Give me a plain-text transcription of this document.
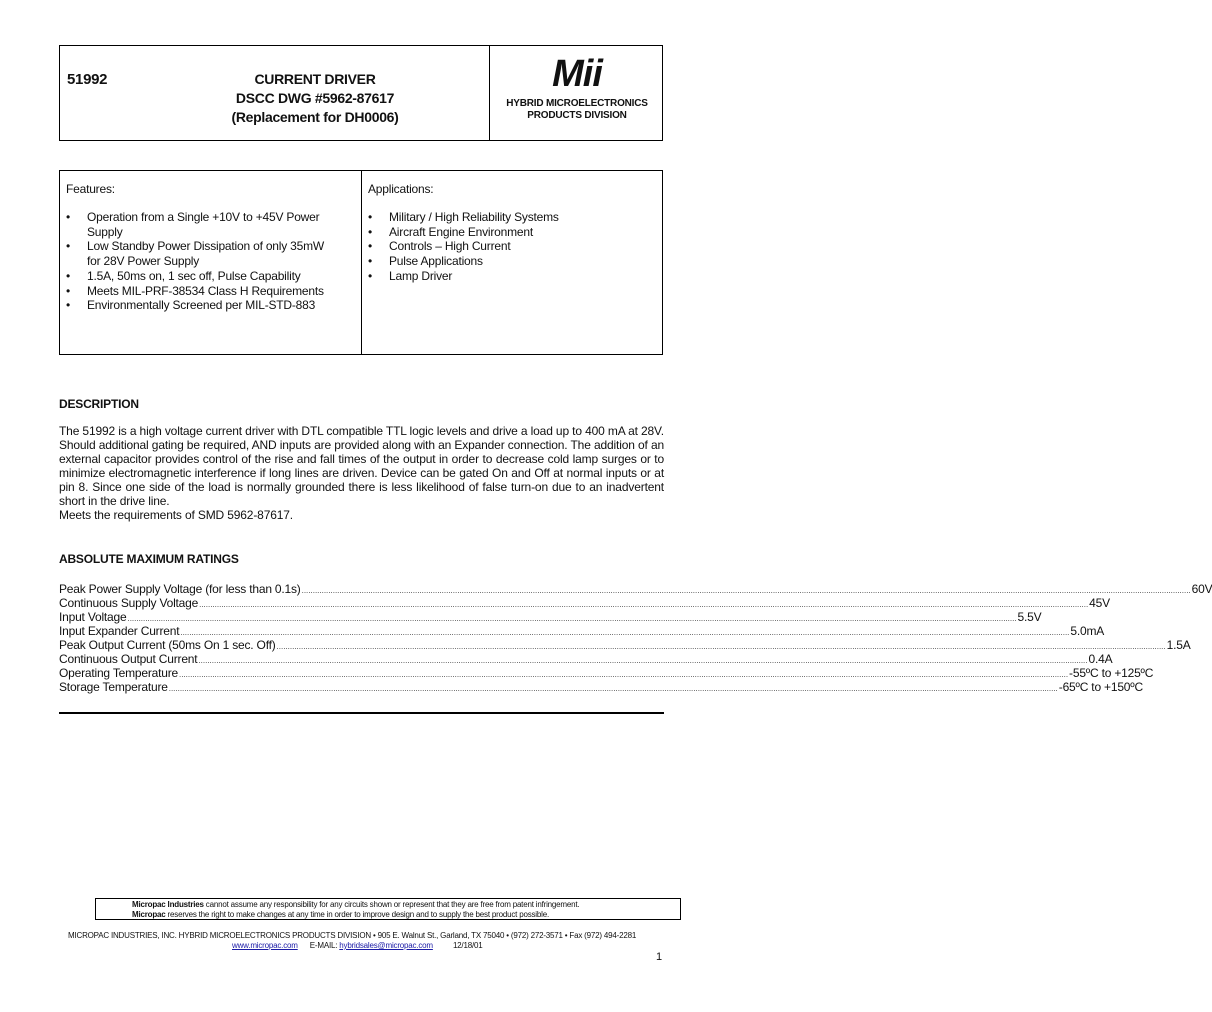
51992	CURRENT DRIVER
DSCC DWG #5962-87617
(Replacement for DH0006)
Mii
HYBRID MICROELECTRONICS
PRODUCTS DIVISION
Features:
• Operation from a Single +10V to +45V Power Supply
• Low Standby Power Dissipation of only 35mW for 28V Power Supply
• 1.5A, 50ms on, 1 sec off, Pulse Capability
• Meets MIL-PRF-38534 Class H Requirements
• Environmentally Screened per MIL-STD-883
Applications:
• Military / High Reliability Systems
• Aircraft Engine Environment
• Controls – High Current
• Pulse Applications
• Lamp Driver
DESCRIPTION

The 51992 is a high voltage current driver with DTL compatible TTL logic levels and drive a load up to 400 mA at 28V. Should additional gating be required, AND inputs are provided along with an Expander connection. The addition of an external capacitor provides control of the rise and fall times of the output in order to decrease cold lamp surges or to minimize electromagnetic interference if long lines are driven. Device can be gated On and Off at normal inputs or at pin 8. Since one side of the load is normally grounded there is less likelihood of false turn-on due to an inadvertent short in the drive line.

Meets the requirements of SMD 5962-87617.

ABSOLUTE MAXIMUM RATINGS
Peak Power Supply Voltage (for less than 0.1s) ................................................................................................................................................................................................................................................................................................................................................................................................................ 60V
Continuous Supply Voltage ................................................................................................................................................................................................................................................................................................................................................................................................................ 45V
Input Voltage ................................................................................................................................................................................................................................................................................................................................................................................................................ 5.5V
Input Expander Current ................................................................................................................................................................................................................................................................................................................................................................................................................ 5.0mA
Peak Output Current (50ms On 1 sec. Off) ................................................................................................................................................................................................................................................................................................................................................................................................................ 1.5A
Continuous Output Current ................................................................................................................................................................................................................................................................................................................................................................................................................ 0.4A
Operating Temperature ................................................................................................................................................................................................................................................................................................................................................................................................................ -55ºC to +125ºC
Storage Temperature ................................................................................................................................................................................................................................................................................................................................................................................................................ -65ºC to +150ºC
Micropac Industries cannot assume any responsibility for any circuits shown or represent that they are free from patent infringement.
Micropac reserves the right to make changes at any time in order to improve design and to supply the best product possible.
MICROPAC INDUSTRIES, INC. HYBRID MICROELECTRONICS PRODUCTS DIVISION • 905 E. Walnut St., Garland, TX 75040 • (972) 272-3571 • Fax (972) 494-2281
www.micropac.com E-MAIL: hybridsales@micropac.com	12/18/01
1
